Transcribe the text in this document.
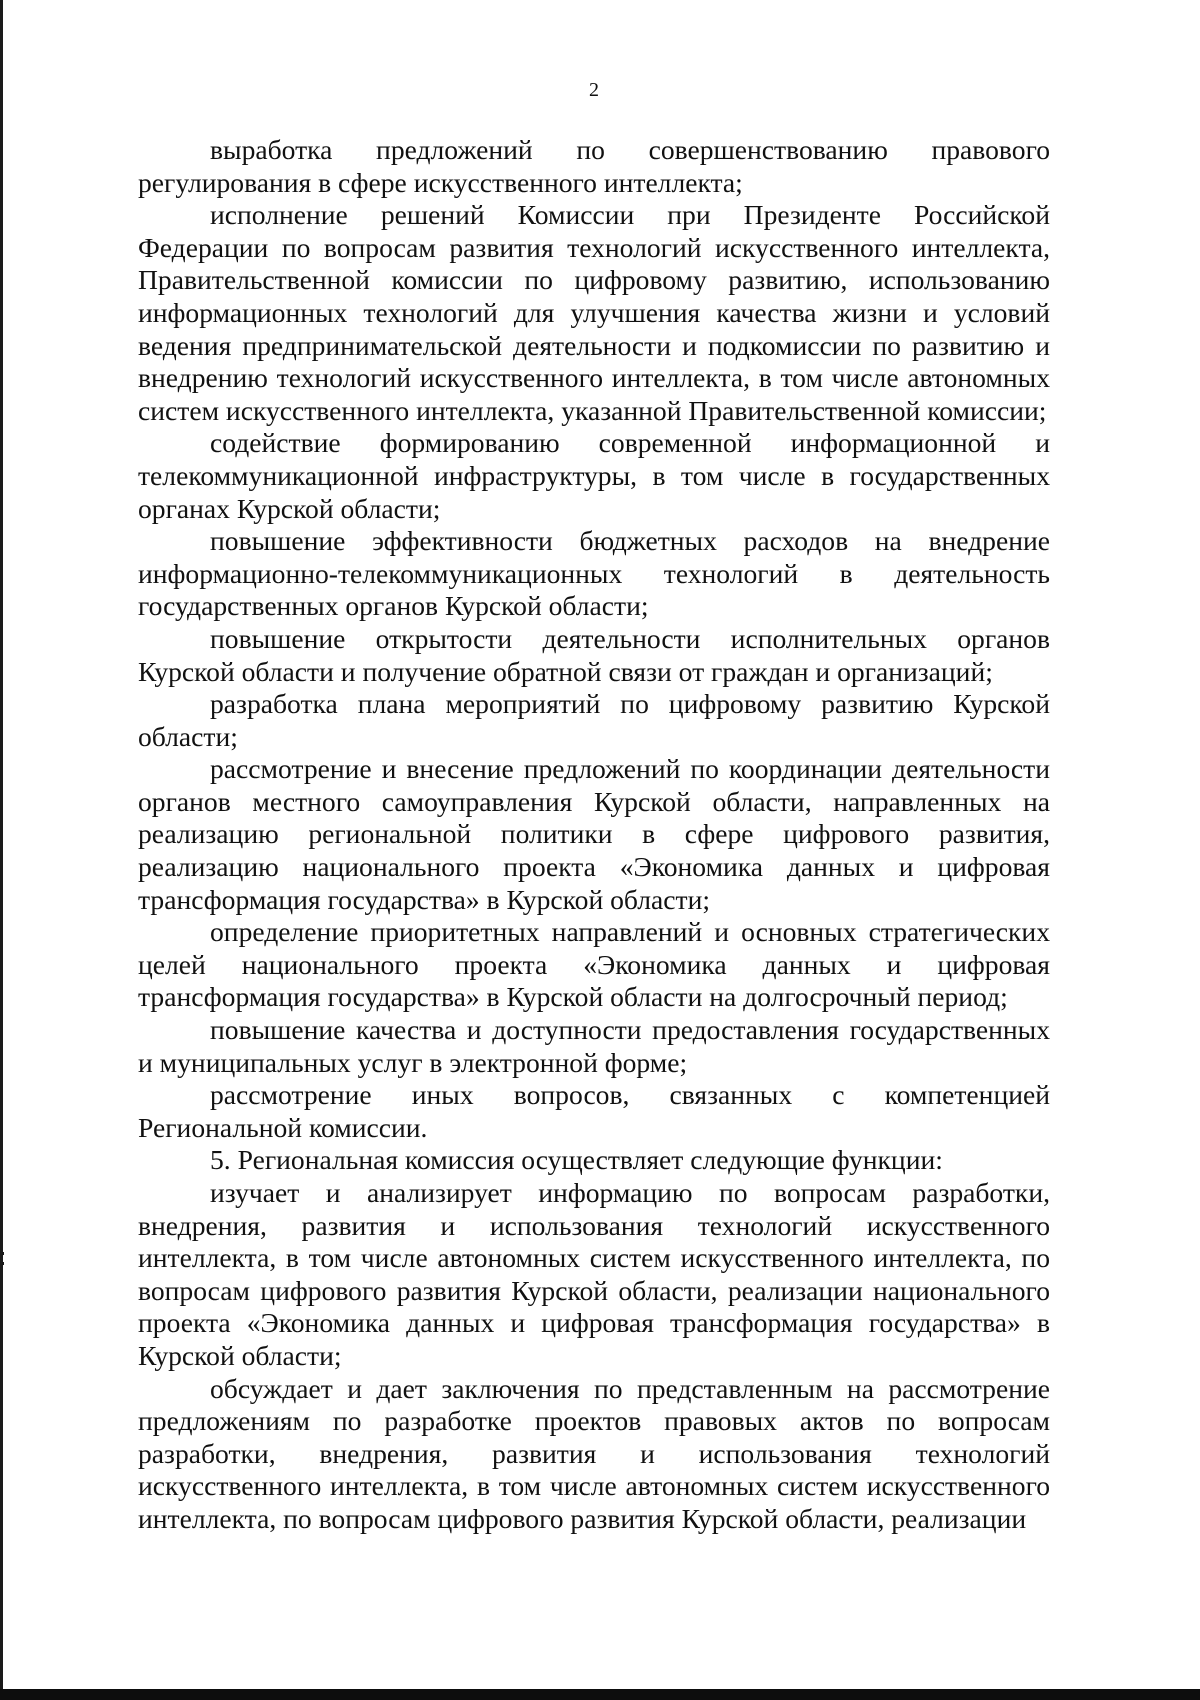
2

выработка предложений по совершенствованию правового регулирования в сфере искусственного интеллекта;

исполнение решений Комиссии при Президенте Российской Федерации по вопросам развития технологий искусственного интеллекта, Правительственной комиссии по цифровому развитию, использованию информационных технологий для улучшения качества жизни и условий ведения предпринимательской деятельности и подкомиссии по развитию и внедрению технологий искусственного интеллекта, в том числе автономных систем искусственного интеллекта, указанной Правительственной комиссии;

содействие формированию современной информационной и телекоммуникационной инфраструктуры, в том числе в государственных органах Курской области;

повышение эффективности бюджетных расходов на внедрение информационно-телекоммуникационных технологий в деятельность государственных органов Курской области;

повышение открытости деятельности исполнительных органов Курской области и получение обратной связи от граждан и организаций;

разработка плана мероприятий по цифровому развитию Курской области;

рассмотрение и внесение предложений по координации деятельности органов местного самоуправления Курской области, направленных на реализацию региональной политики в сфере цифрового развития, реализацию национального проекта «Экономика данных и цифровая трансформация государства» в Курской области;

определение приоритетных направлений и основных стратегических целей национального проекта «Экономика данных и цифровая трансформация государства» в Курской области на долгосрочный период;

повышение качества и доступности предоставления государственных и муниципальных услуг в электронной форме;

рассмотрение иных вопросов, связанных с компетенцией Региональной комиссии.

5. Региональная комиссия осуществляет следующие функции:

изучает и анализирует информацию по вопросам разработки, внедрения, развития и использования технологий искусственного интеллекта, в том числе автономных систем искусственного интеллекта, по вопросам цифрового развития Курской области, реализации национального проекта «Экономика данных и цифровая трансформация государства» в Курской области;

обсуждает и дает заключения по представленным на рассмотрение предложениям по разработке проектов правовых актов по вопросам разработки, внедрения, развития и использования технологий искусственного интеллекта, в том числе автономных систем искусственного интеллекта, по вопросам цифрового развития Курской области, реализации
